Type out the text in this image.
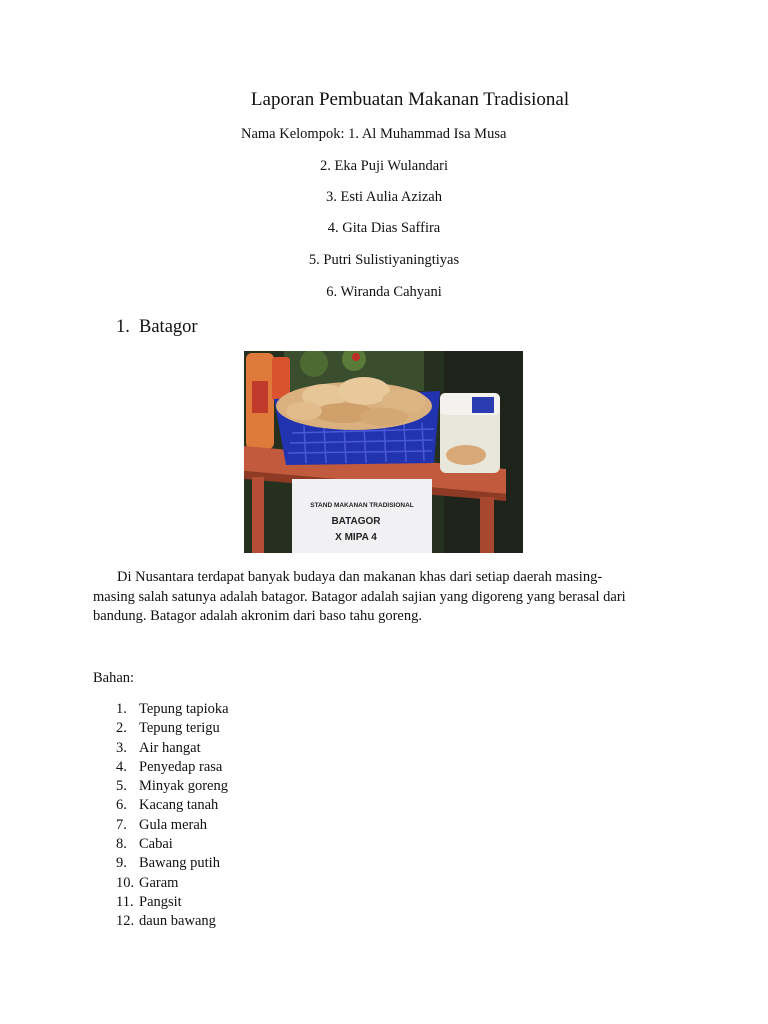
Laporan Pembuatan Makanan Tradisional
Nama Kelompok: 1. Al Muhammad Isa Musa
2. Eka Puji Wulandari
3. Esti Aulia Azizah
4. Gita Dias Saffira
5. Putri Sulistiyaningtiyas
6. Wiranda Cahyani
1. Batagor
STAND MAKANAN TRADISIONAL
BATAGOR
X MIPA 4
Di Nusantara terdapat banyak budaya dan makanan khas dari setiap daerah masing-
masing salah satunya adalah batagor. Batagor adalah sajian yang digoreng yang berasal dari
bandung. Batagor adalah akronim dari baso tahu goreng.
Bahan:
1. Tepung tapioka
2. Tepung terigu
3. Air hangat
4. Penyedap rasa
5. Minyak goreng
6. Kacang tanah
7. Gula merah
8. Cabai
9. Bawang putih
10. Garam
11. Pangsit
12. daun bawang
